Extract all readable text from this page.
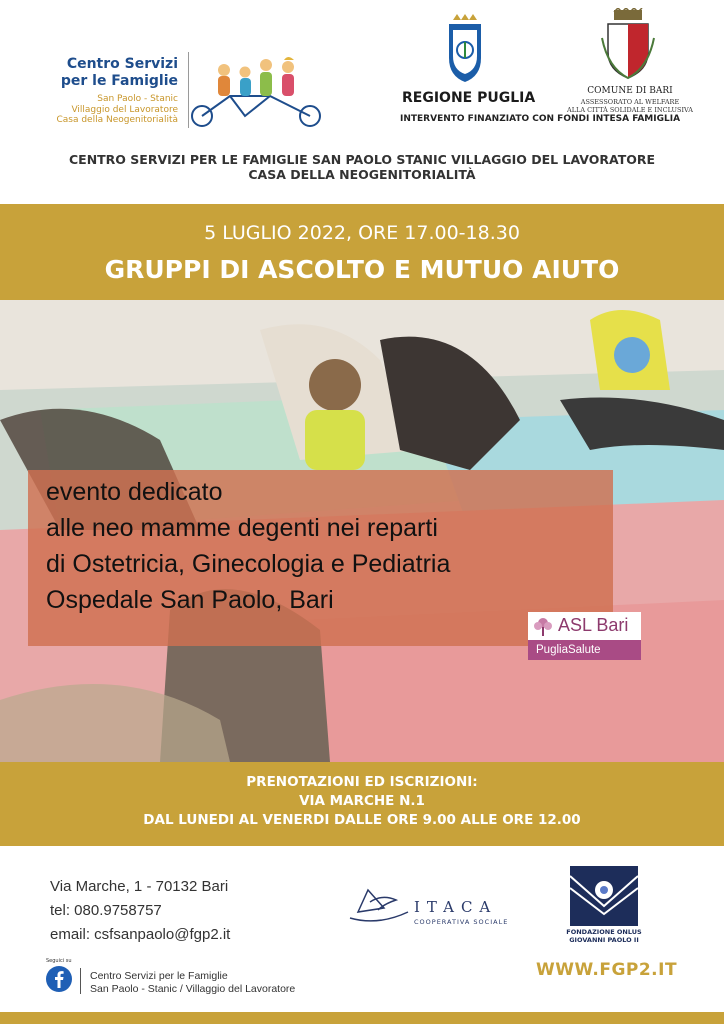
Centro Servizi
per le Famiglie
San Paolo - Stanic
Villaggio del Lavoratore
Casa della Neogenitorialità
REGIONE PUGLIA	COMUNE DI BARI
ASSESSORATO AL WELFARE
ALLA CITTÀ SOLIDALE E INCLUSIVA
INTERVENTO FINANZIATO CON FONDI INTESA FAMIGLIA
CENTRO SERVIZI PER LE FAMIGLIE SAN PAOLO STANIC VILLAGGIO DEL LAVORATORE
CASA DELLA NEOGENITORIALITÀ
5 LUGLIO 2022, ORE 17.00-18.30
GRUPPI DI ASCOLTO E MUTUO AIUTO
evento dedicato
alle neo mamme degenti nei reparti
di Ostetricia, Ginecologia e Pediatria
Ospedale San Paolo, Bari
ASL Bari
PugliaSalute
PRENOTAZIONI ED ISCRIZIONI:
VIA MARCHE N.1
DAL LUNEDI AL VENERDI DALLE ORE 9.00 ALLE ORE 12.00
Via Marche, 1 - 70132 Bari
tel: 080.9758757
email: csfsanpaolo@fgp2.it
ITACA
COOPERATIVA SOCIALE
FONDAZIONE ONLUS
GIOVANNI PAOLO II
Seguici su
Centro Servizi per le Famiglie
San Paolo - Stanic / Villaggio del Lavoratore
WWW.FGP2.IT
